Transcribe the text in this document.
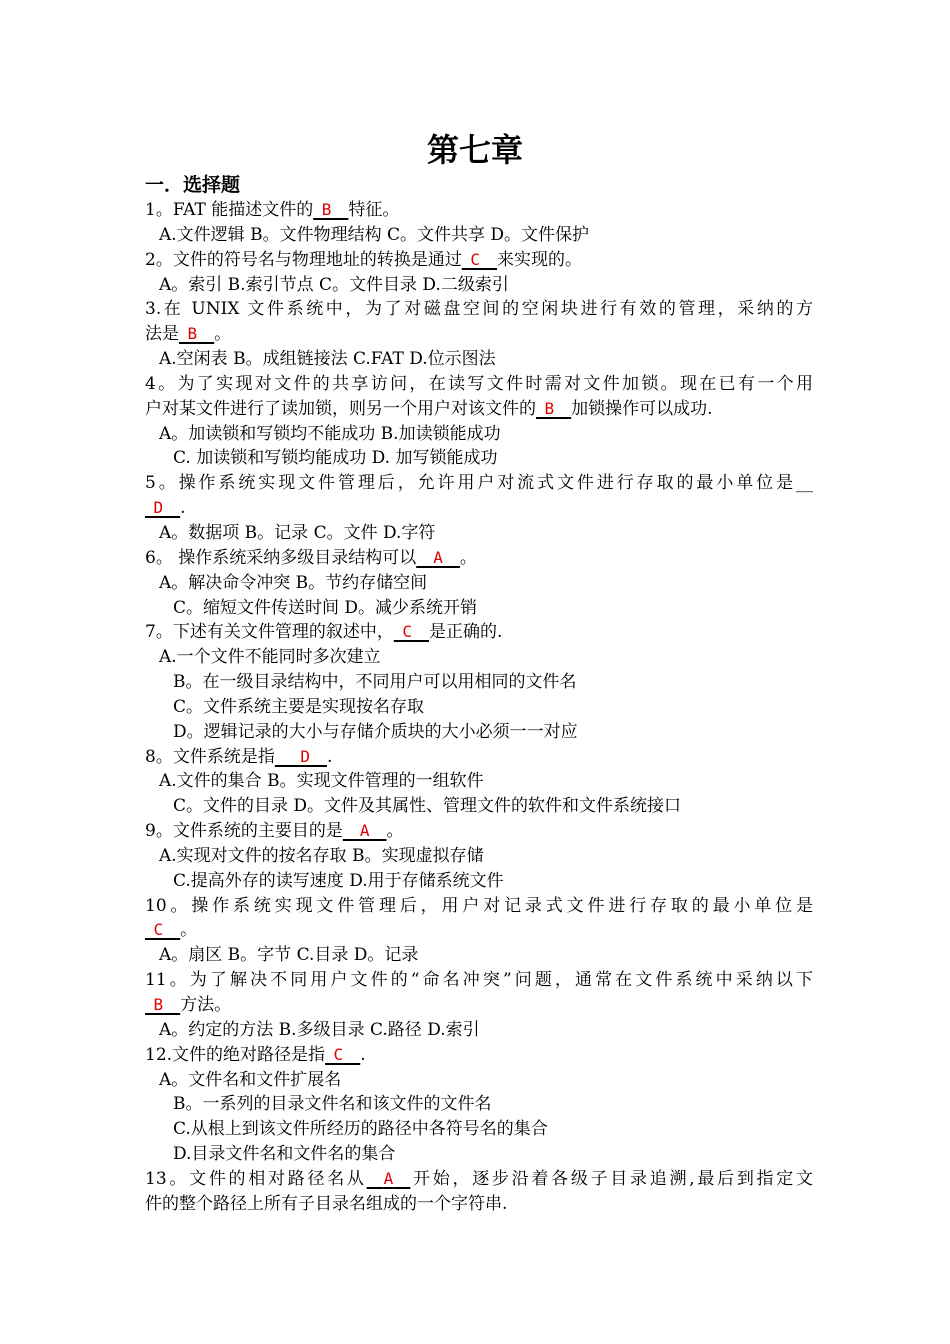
第七章
一．选择题
1。FAT 能描述文件的_B__特征。
A.文件逻辑 B。文件物理结构 C。文件共享 D。文件保护
2。文件的符号名与物理地址的转换是通过_C__来实现的。
A。索引 B.索引节点 C。文件目录 D.二级索引
3.在 UNIX 文件系统中，为了对磁盘空间的空闲块进行有效的管理，采纳的方
法是_B__。
A.空闲表 B。成组链接法 C.FAT D.位示图法
4。为了实现对文件的共享访问，在读写文件时需对文件加锁。现在已有一个用
户对某文件进行了读加锁，则另一个用户对该文件的_B__加锁操作可以成功.
A。加读锁和写锁均不能成功 B.加读锁能成功
C. 加读锁和写锁均能成功 D. 加写锁能成功
5。操作系统实现文件管理后，允许用户对流式文件进行存取的最小单位是__
_D__.
A。数据项 B。记录 C。文件 D.字符
6。 操作系统采纳多级目录结构可以__A__。
A。解决命令冲突 B。节约存储空间
C。缩短文件传送时间 D。减少系统开销
7。下述有关文件管理的叙述中，_C__是正确的.
A.一个文件不能同时多次建立
B。在一级目录结构中，不同用户可以用相同的文件名
C。文件系统主要是实现按名存取
D。逻辑记录的大小与存储介质块的大小必须一一对应
8。文件系统是指___D__.
A.文件的集合 B。实现文件管理的一组软件
C。文件的目录 D。文件及其属性、管理文件的软件和文件系统接口
9。文件系统的主要目的是__A__。
A.实现对文件的按名存取 B。实现虚拟存储
C.提高外存的读写速度 D.用于存储系统文件
10。操作系统实现文件管理后，用户对记录式文件进行存取的最小单位是
_C__。
A。扇区 B。字节 C.目录 D。记录
11。为了解决不同用户文件的“命名冲突”问题，通常在文件系统中采纳以下
_B__方法。
A。约定的方法 B.多级目录 C.路径 D.索引
12.文件的绝对路径是指_C__.
A。文件名和文件扩展名
B。一系列的目录文件名和该文件的文件名
C.从根上到该文件所经历的路径中各符号名的集合
D.目录文件名和文件名的集合
13。文件的相对路径名从__A__开始，逐步沿着各级子目录追溯,最后到指定文
件的整个路径上所有子目录名组成的一个字符串.
